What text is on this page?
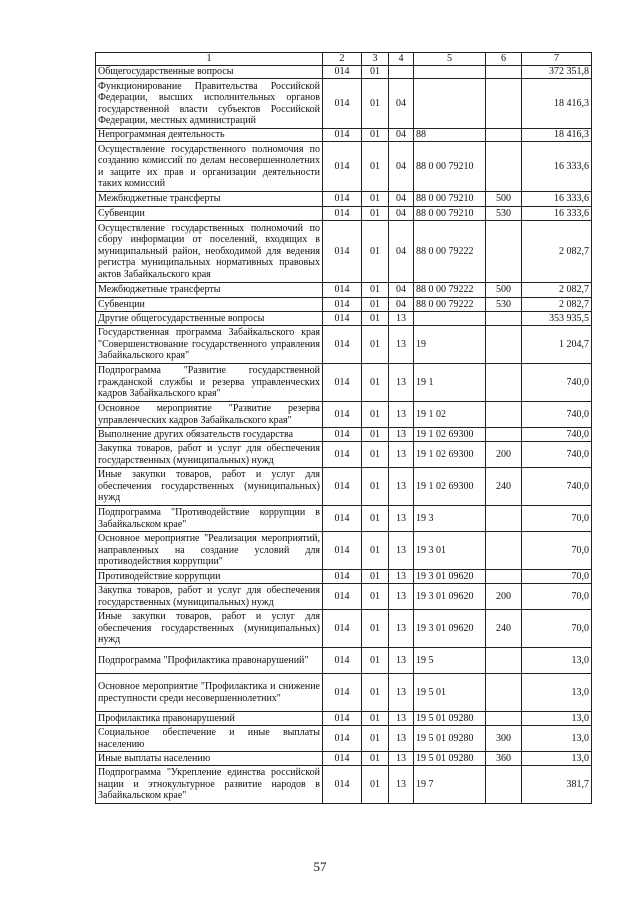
1	2	3	4	5	6	7
Общегосударственные вопросы	014	01				372 351,8
Функционирование Правительства Российской Федерации, высших исполнительных органов государственной власти субъектов Российской Федерации, местных администраций	014	01	04			18 416,3
Непрограммная деятельность	014	01	04	88		18 416,3
Осуществление государственного полномочия по созданию комиссий по делам несовершеннолетних и защите их прав и организации деятельности таких комиссий	014	01	04	88 0 00 79210		16 333,6
Межбюджетные трансферты	014	01	04	88 0 00 79210	500	16 333,6
Субвенции	014	01	04	88 0 00 79210	530	16 333,6
Осуществление государственных полномочий по сбору информации от поселений, входящих в муниципальный район, необходимой для ведения регистра муниципальных нормативных правовых актов Забайкальского края	014	01	04	88 0 00 79222		2 082,7
Межбюджетные трансферты	014	01	04	88 0 00 79222	500	2 082,7
Субвенции	014	01	04	88 0 00 79222	530	2 082,7
Другие общегосударственные вопросы	014	01	13			353 935,5
Государственная программа Забайкальского края "Совершенствование государственного управления Забайкальского края"	014	01	13	19		1 204,7
Подпрограмма "Развитие государственной гражданской службы и резерва управленческих кадров Забайкальского края"	014	01	13	19 1		740,0
Основное мероприятие "Развитие резерва управленческих кадров Забайкальского края"	014	01	13	19 1 02		740,0
Выполнение других обязательств государства	014	01	13	19 1 02 69300		740,0
Закупка товаров, работ и услуг для обеспечения государственных (муниципальных) нужд	014	01	13	19 1 02 69300	200	740,0
Иные закупки товаров, работ и услуг для обеспечения государственных (муниципальных) нужд	014	01	13	19 1 02 69300	240	740,0
Подпрограмма "Противодействие коррупции в Забайкальском крае"	014	01	13	19 3		70,0
Основное мероприятие "Реализация мероприятий, направленных на создание условий для противодействия коррупции"	014	01	13	19 3 01		70,0
Противодействие коррупции	014	01	13	19 3 01 09620		70,0
Закупка товаров, работ и услуг для обеспечения государственных (муниципальных) нужд	014	01	13	19 3 01 09620	200	70,0
Иные закупки товаров, работ и услуг для обеспечения государственных (муниципальных) нужд	014	01	13	19 3 01 09620	240	70,0
Подпрограмма "Профилактика правонарушений"	014	01	13	19 5		13,0
Основное мероприятие "Профилактика и снижение преступности среди несовершеннолетних"	014	01	13	19 5 01		13,0
Профилактика правонарушений	014	01	13	19 5 01 09280		13,0
Социальное обеспечение и иные выплаты населению	014	01	13	19 5 01 09280	300	13,0
Иные выплаты населению	014	01	13	19 5 01 09280	360	13,0
Подпрограмма "Укрепление единства российской нации и этнокультурное развитие народов в Забайкальском крае"	014	01	13	19 7		381,7
57
